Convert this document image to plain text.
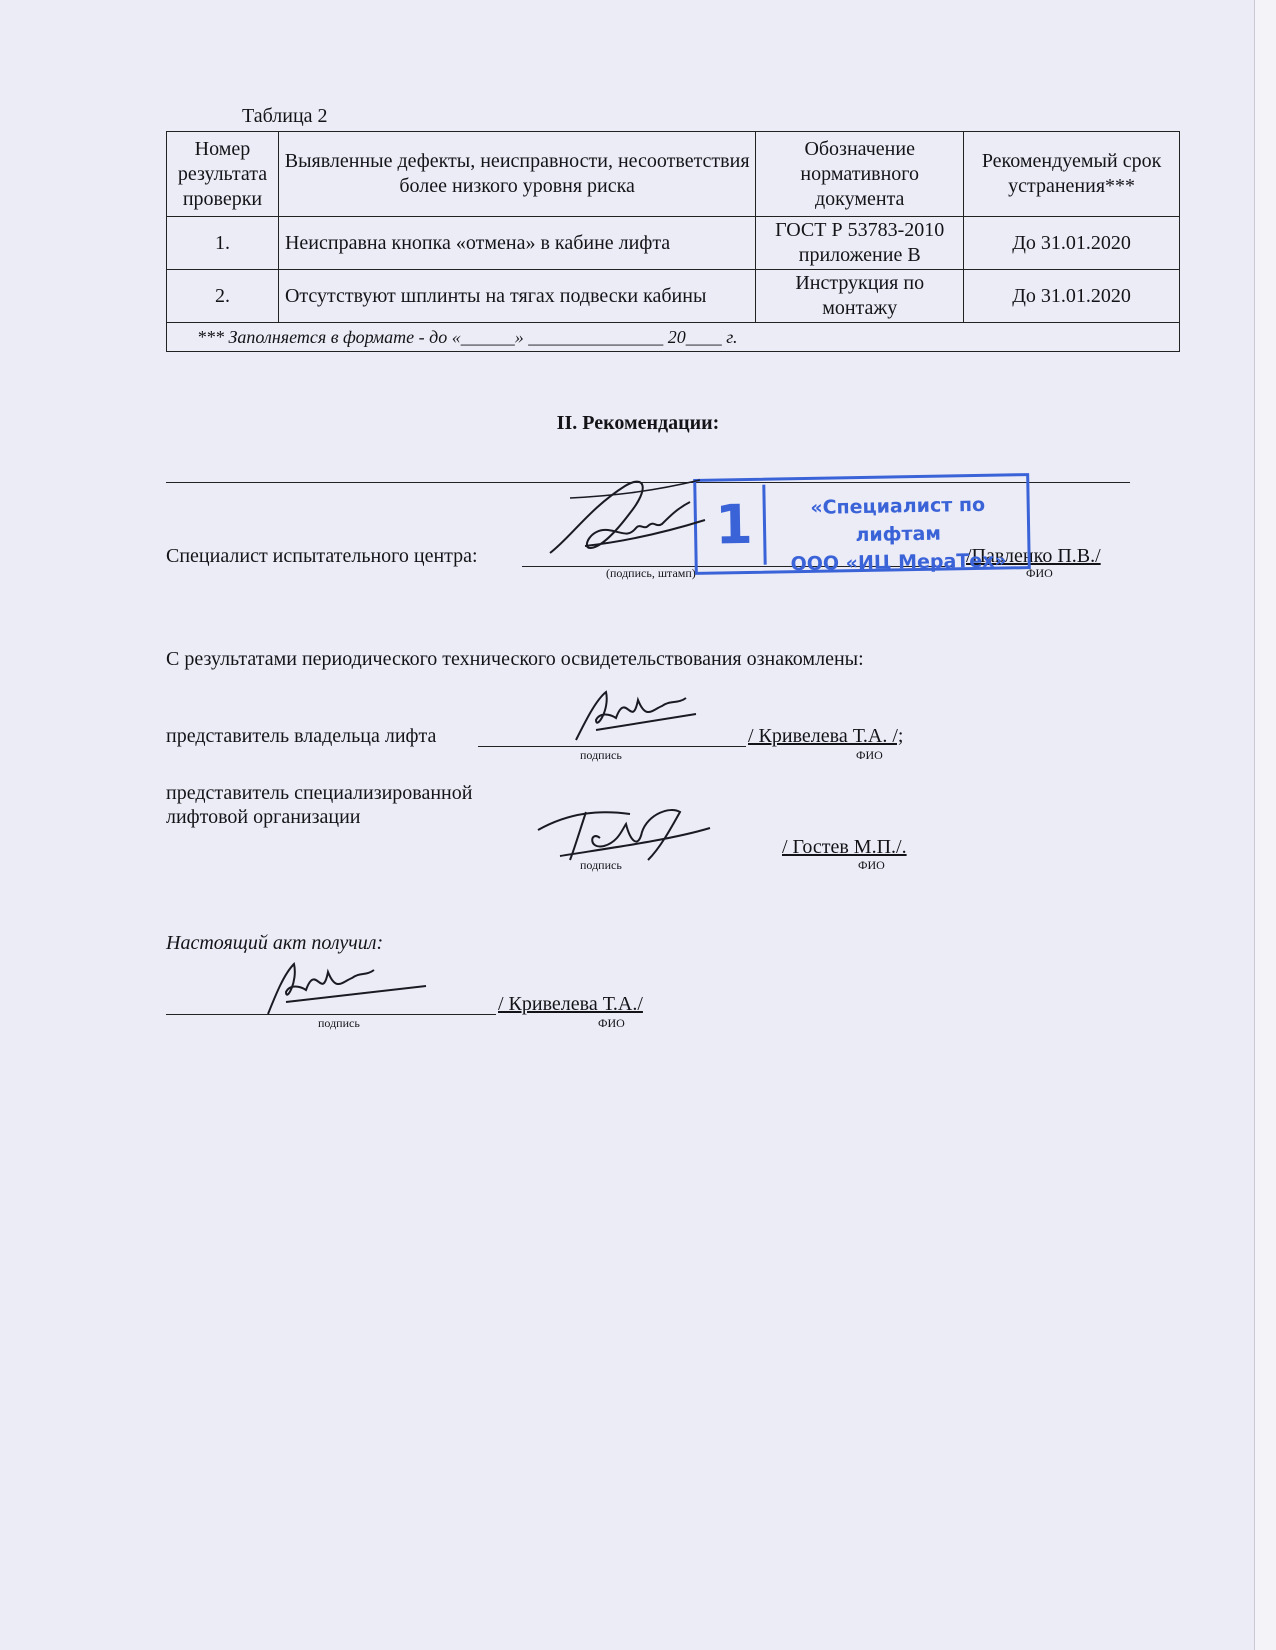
Таблица 2
Номер результата проверки	Выявленные дефекты, неисправности, несоответствия более низкого уровня риска	Обозначение нормативного документа	Рекомендуемый срок устранения***
1.	Неисправна кнопка «отмена» в кабине лифта	ГОСТ Р 53783-2010 приложение В	До 31.01.2020
2.	Отсутствуют шплинты на тягах подвески кабины	Инструкция по монтажу	До 31.01.2020
*** Заполняется в формате - до «______» _______________ 20____ г.			

II. Рекомендации:
Специалист испытательного центра:	/Павленко П.В./
(подпись, штамп)	ФИО
1	«Специалист по лифтам
ООО «ИЦ МераТех»
С результатами периодического технического освидетельствования ознакомлены:
представитель владельца лифта	/ Кривелева Т.А. /;
подпись	ФИО
представитель специализированной
лифтовой организации
/ Гостев М.П./.
подпись	ФИО
Настоящий акт получил:
/ Кривелева Т.А./
подпись	ФИО
